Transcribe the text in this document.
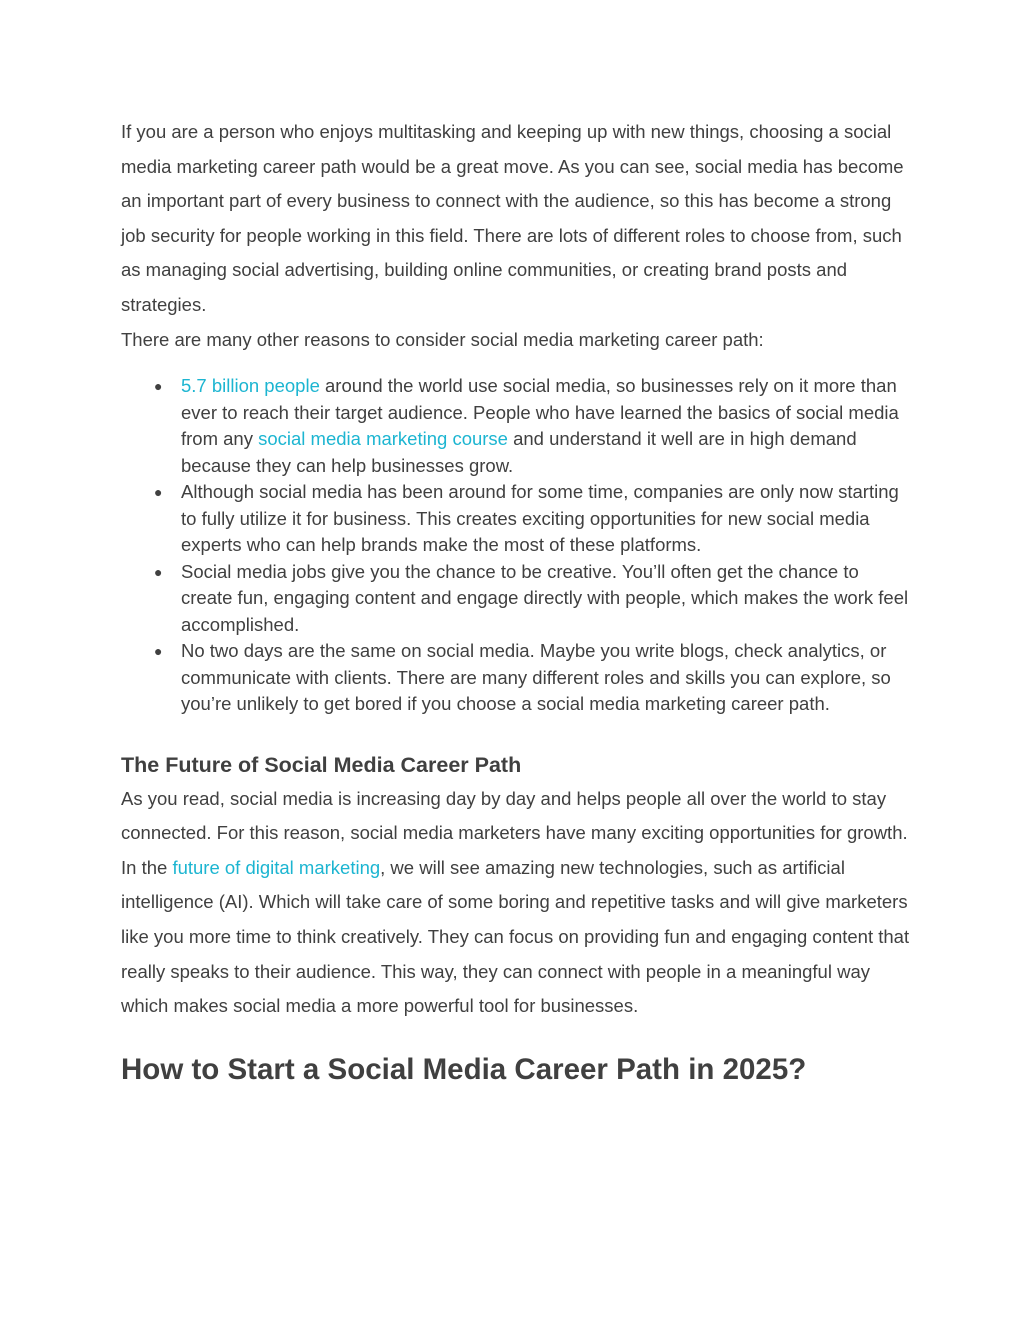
If you are a person who enjoys multitasking and keeping up with new things, choosing a social media marketing career path would be a great move. As you can see, social media has become an important part of every business to connect with the audience, so this has become a strong job security for people working in this field. There are lots of different roles to choose from, such as managing social advertising, building online communities, or creating brand posts and strategies.

There are many other reasons to consider social media marketing career path:

● 5.7 billion people around the world use social media, so businesses rely on it more than ever to reach their target audience. People who have learned the basics of social media from any social media marketing course and understand it well are in high demand because they can help businesses grow.
● Although social media has been around for some time, companies are only now starting to fully utilize it for business. This creates exciting opportunities for new social media experts who can help brands make the most of these platforms.
● Social media jobs give you the chance to be creative. You’ll often get the chance to create fun, engaging content and engage directly with people, which makes the work feel accomplished.
● No two days are the same on social media. Maybe you write blogs, check analytics, or communicate with clients. There are many different roles and skills you can explore, so you’re unlikely to get bored if you choose a social media marketing career path.
The Future of Social Media Career Path

As you read, social media is increasing day by day and helps people all over the world to stay connected. For this reason, social media marketers have many exciting opportunities for growth. In the future of digital marketing, we will see amazing new technologies, such as artificial intelligence (AI). Which will take care of some boring and repetitive tasks and will give marketers like you more time to think creatively. They can focus on providing fun and engaging content that really speaks to their audience. This way, they can connect with people in a meaningful way which makes social media a more powerful tool for businesses.

How to Start a Social Media Career Path in 2025?
